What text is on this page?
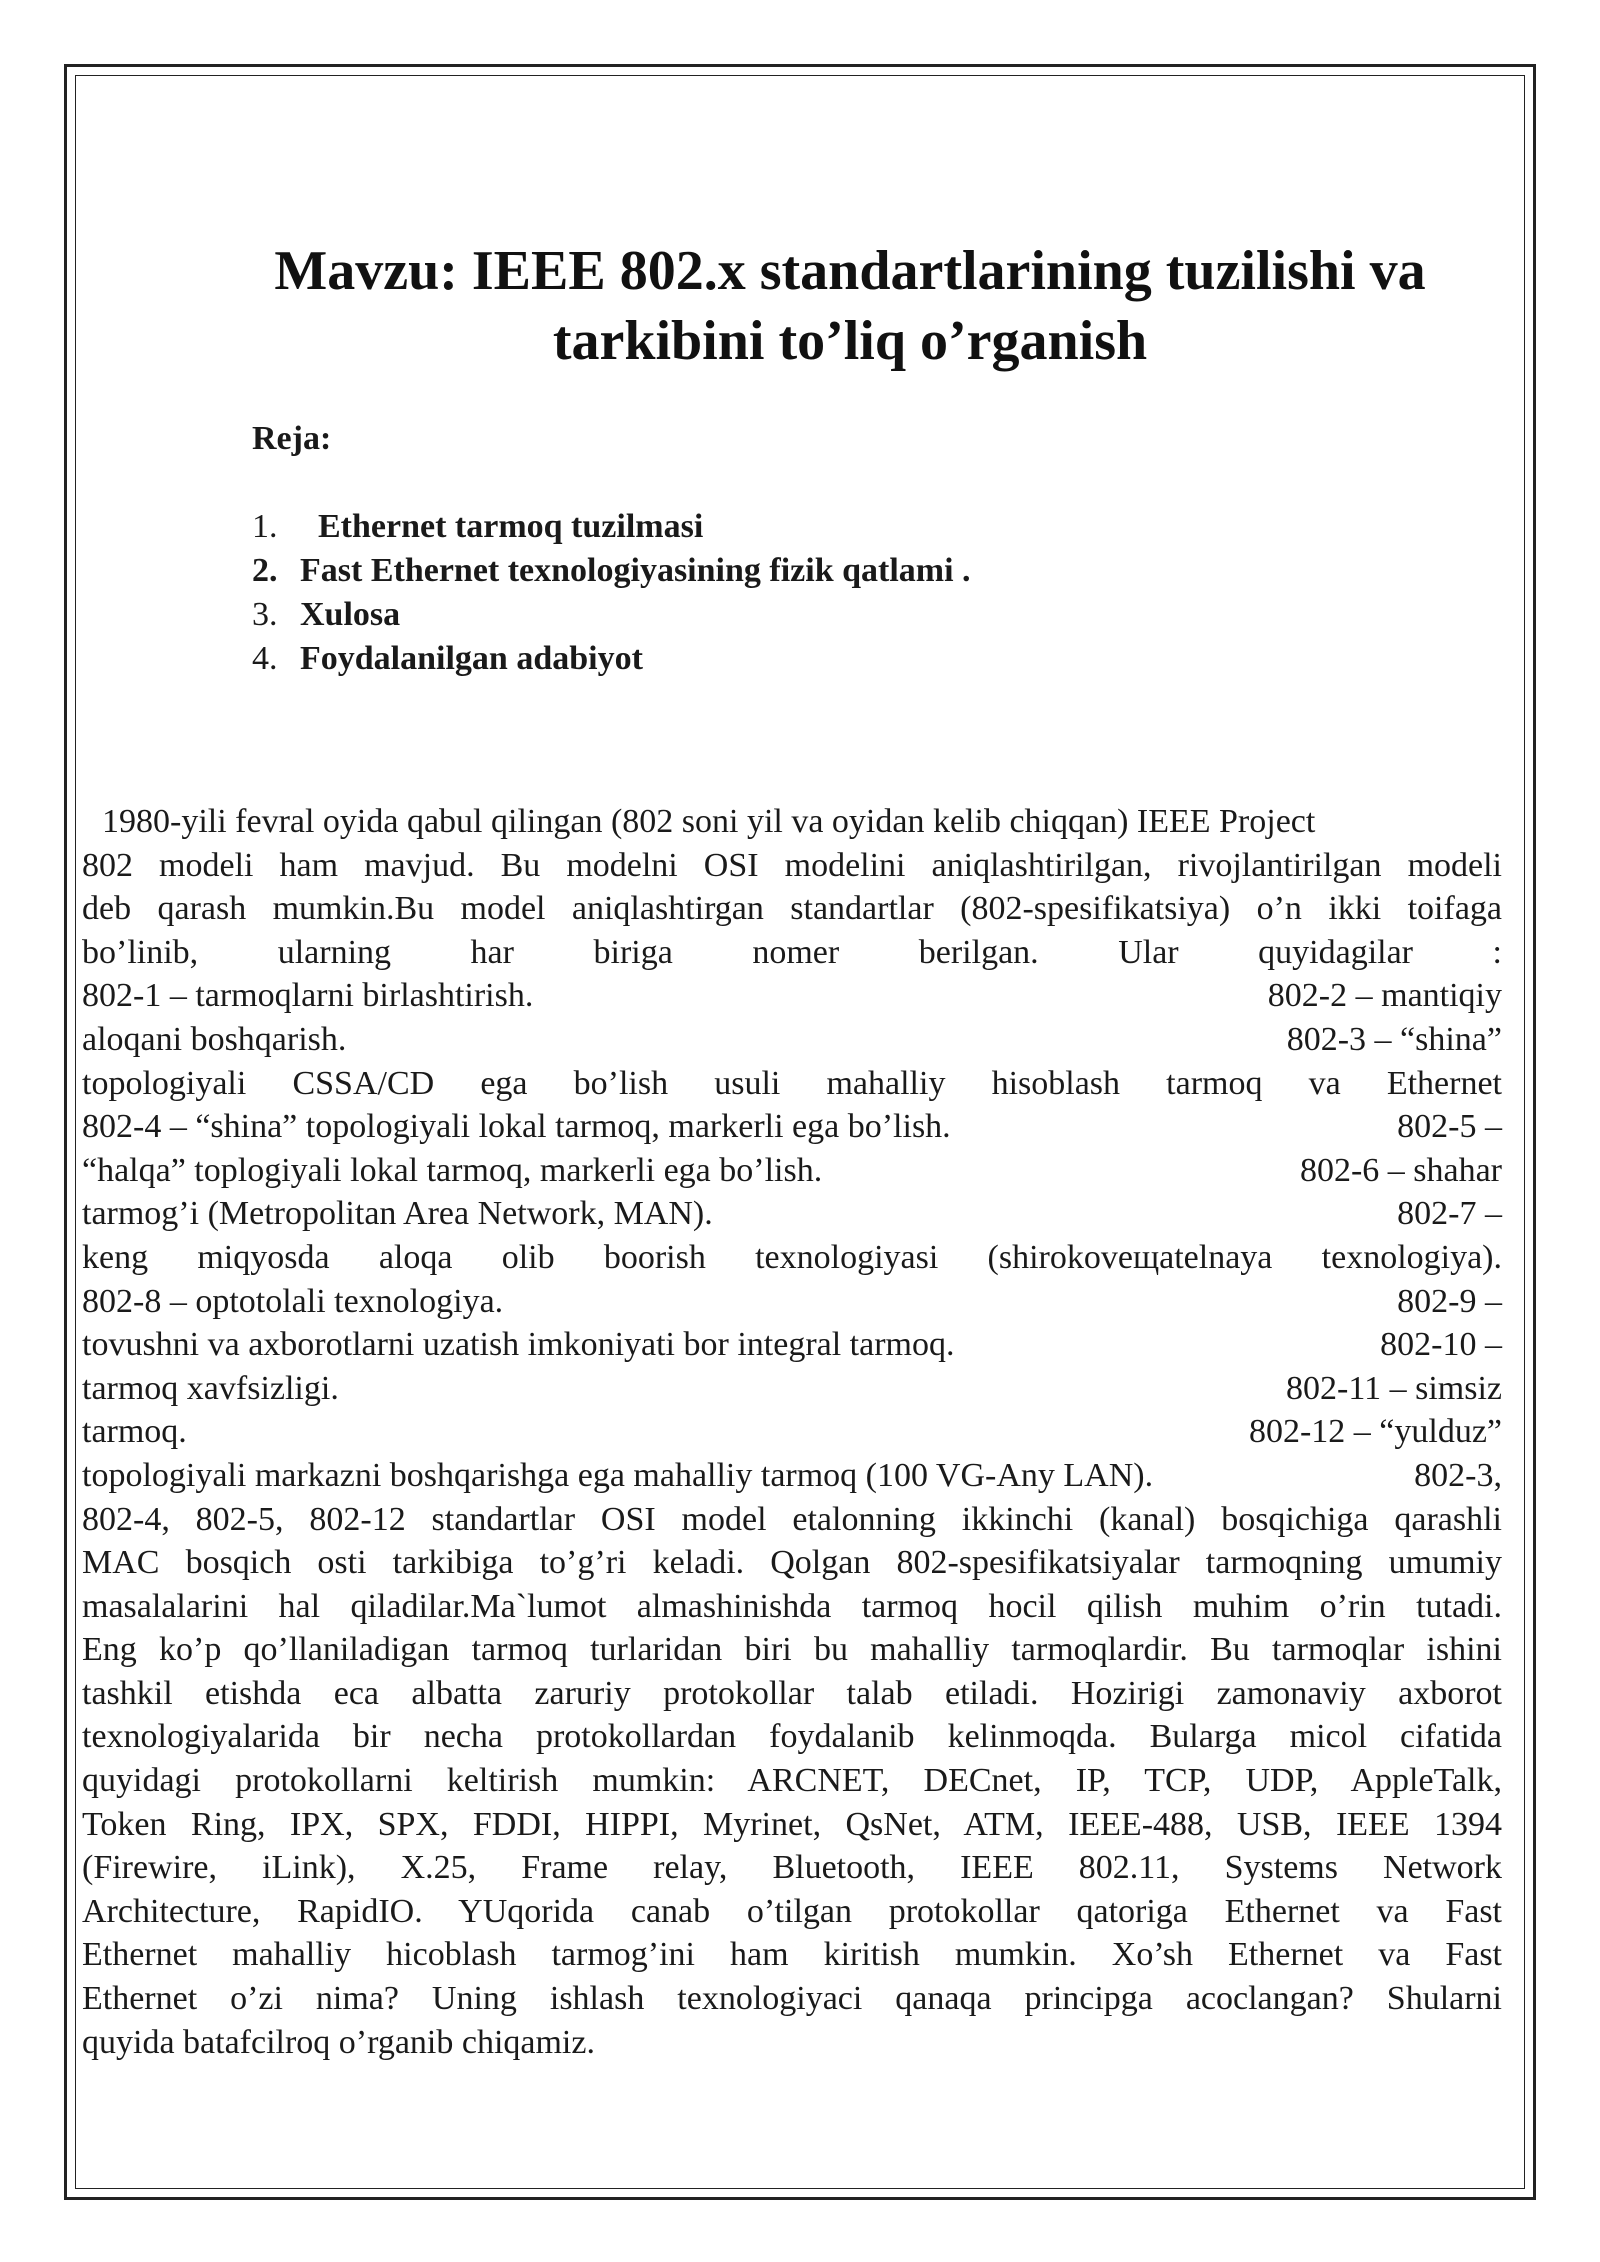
Mavzu: IEEE 802.x standartlarining tuzilishi va
tarkibini to’liq o’rganish

Reja:

1.	Ethernet tarmoq tuzilmasi
2. Fast Ethernet texnologiyasining fizik qatlami .
3. Xulosa
4. Foydalanilgan adabiyot
1980-yili fevral oyida qabul qilingan (802 soni yil va oyidan kelib chiqqan) IEEE Project
802 modeli ham mavjud. Bu modelni OSI modelini aniqlashtirilgan, rivojlantirilgan modeli
deb qarash mumkin.Bu model aniqlashtirgan standartlar (802-spesifikatsiya) o’n ikki toifaga
bo’linib, ularning har biriga nomer berilgan. Ular quyidagilar :
802-1 – tarmoqlarni birlashtirish.	802-2 – mantiqiy
aloqani boshqarish.	802-3 – “shina”
topologiyali CSSA/CD ega bo’lish usuli mahalliy hisoblash tarmoq va Ethernet
802-4 – “shina” topologiyali lokal tarmoq, markerli ega bo’lish.	802-5 –
“halqa” toplogiyali lokal tarmoq, markerli ega bo’lish.	802-6 – shahar
tarmog’i (Metropolitan Area Network, MAN).	802-7 –
keng miqyosda aloqa olib boorish texnologiyasi (shirokoveщatelnaya texnologiya).
802-8 – optotolali texnologiya.	802-9 –
tovushni va axborotlarni uzatish imkoniyati bor integral tarmoq.	802-10 –
tarmoq xavfsizligi.	802-11 – simsiz
tarmoq.	802-12 – “yulduz”
topologiyali markazni boshqarishga ega mahalliy tarmoq (100 VG-Any LAN).	802-3,
802-4, 802-5, 802-12 standartlar OSI model etalonning ikkinchi (kanal) bosqichiga qarashli
MAC bosqich osti tarkibiga to’g’ri keladi. Qolgan 802-spesifikatsiyalar tarmoqning umumiy
masalalarini hal qiladilar.Ma`lumot almashinishda tarmoq hocil qilish muhim o’rin tutadi.
Eng ko’p qo’llaniladigan tarmoq turlaridan biri bu mahalliy tarmoqlardir. Bu tarmoqlar ishini
tashkil etishda eca albatta zaruriy protokollar talab etiladi. Hozirigi zamonaviy axborot
texnologiyalarida bir necha protokollardan foydalanib kelinmoqda. Bularga micol cifatida
quyidagi protokollarni keltirish mumkin: ARCNET, DECnet, IP, TCP, UDP, AppleTalk,
Token Ring, IPX, SPX, FDDI, HIPPI, Myrinet, QsNet, ATM, IEEE-488, USB, IEEE 1394
(Firewire, iLink), X.25, Frame relay, Bluetooth, IEEE 802.11, Systems Network
Architecture, RapidIO. YUqorida canab o’tilgan protokollar qatoriga Ethernet va Fast
Ethernet mahalliy hicoblash tarmog’ini ham kiritish mumkin. Xo’sh Ethernet va Fast
Ethernet o’zi nima? Uning ishlash texnologiyaci qanaqa principga acoclangan? Shularni
quyida batafcilroq o’rganib chiqamiz.
